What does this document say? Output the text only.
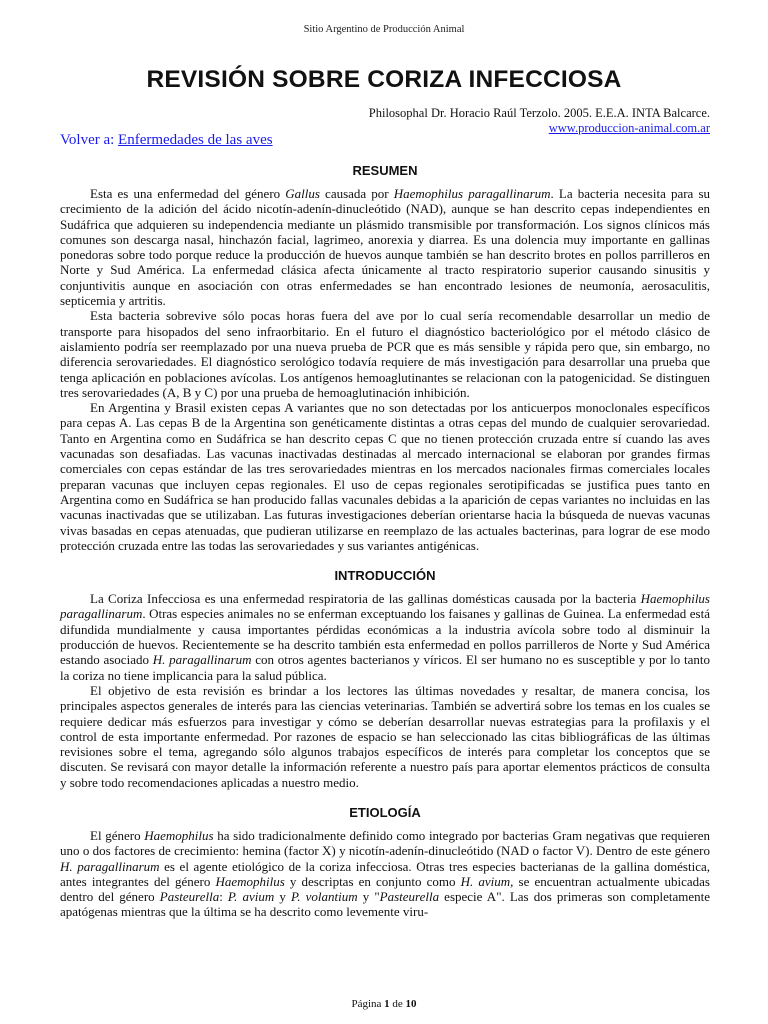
Sitio Argentino de Producción Animal
REVISIÓN SOBRE CORIZA INFECCIOSA
Philosophal Dr. Horacio Raúl Terzolo. 2005. E.E.A. INTA Balcarce.
www.produccion-animal.com.ar
Volver a: Enfermedades de las aves
RESUMEN

Esta es una enfermedad del género Gallus causada por Haemophilus paragallinarum. La bacteria necesita para su crecimiento de la adición del ácido nicotín-adenín-dinucleótido (NAD), aunque se han descrito cepas independientes en Sudáfrica que adquieren su independencia mediante un plásmido transmisible por transformación. Los signos clínicos más comunes son descarga nasal, hinchazón facial, lagrimeo, anorexia y diarrea. Es una dolencia muy importante en gallinas ponedoras sobre todo porque reduce la producción de huevos aunque también se han descrito brotes en pollos parrilleros en Norte y Sud América. La enfermedad clásica afecta únicamente al tracto respiratorio superior causando sinusitis y conjuntivitis aunque en asociación con otras enfermedades se han encontrado lesiones de neumonía, aerosaculitis, septicemia y artritis.

Esta bacteria sobrevive sólo pocas horas fuera del ave por lo cual sería recomendable desarrollar un medio de transporte para hisopados del seno infraorbitario. En el futuro el diagnóstico bacteriológico por el método clásico de aislamiento podría ser reemplazado por una nueva prueba de PCR que es más sensible y rápida pero que, sin embargo, no diferencia serovariedades. El diagnóstico serológico todavía requiere de más investigación para desarrollar una prueba que tenga aplicación en poblaciones avícolas. Los antígenos hemoaglutinantes se relacionan con la patogenicidad. Se distinguen tres serovariedades (A, B y C) por una prueba de hemoaglutinación inhibición.

En Argentina y Brasil existen cepas A variantes que no son detectadas por los anticuerpos monoclonales específicos para cepas A. Las cepas B de la Argentina son genéticamente distintas a otras cepas del mundo de cualquier serovariedad. Tanto en Argentina como en Sudáfrica se han descrito cepas C que no tienen protección cruzada entre sí cuando las aves vacunadas son desafiadas. Las vacunas inactivadas destinadas al mercado internacional se elaboran por grandes firmas comerciales con cepas estándar de las tres serovariedades mientras en los mercados nacionales firmas comerciales locales preparan vacunas que incluyen cepas regionales. El uso de cepas regionales serotipificadas se justifica pues tanto en Argentina como en Sudáfrica se han producido fallas vacunales debidas a la aparición de cepas variantes no incluidas en las vacunas inactivadas que se utilizaban. Las futuras investigaciones deberían orientarse hacia la búsqueda de nuevas vacunas vivas basadas en cepas atenuadas, que pudieran utilizarse en reemplazo de las actuales bacterinas, para lograr de ese modo protección cruzada entre las todas las serovariedades y sus variantes antigénicas.

INTRODUCCIÓN

La Coriza Infecciosa es una enfermedad respiratoria de las gallinas domésticas causada por la bacteria Haemophilus paragallinarum. Otras especies animales no se enferman exceptuando los faisanes y gallinas de Guinea. La enfermedad está difundida mundialmente y causa importantes pérdidas económicas a la industria avícola sobre todo al disminuir la producción de huevos. Recientemente se ha descrito también esta enfermedad en pollos parrilleros de Norte y Sud América estando asociado H. paragallinarum con otros agentes bacterianos y víricos. El ser humano no es susceptible y por lo tanto la coriza no tiene implicancia para la salud pública.

El objetivo de esta revisión es brindar a los lectores las últimas novedades y resaltar, de manera concisa, los principales aspectos generales de interés para las ciencias veterinarias. También se advertirá sobre los temas en los cuales se requiere dedicar más esfuerzos para investigar y cómo se deberían desarrollar nuevas estrategias para la profilaxis y el control de esta importante enfermedad. Por razones de espacio se han seleccionado las citas bibliográficas de las últimas revisiones sobre el tema, agregando sólo algunos trabajos específicos de interés para completar los conceptos que se discuten. Se revisará con mayor detalle la información referente a nuestro país para aportar elementos prácticos de consulta y sobre todo recomendaciones aplicadas a nuestro medio.

ETIOLOGÍA

El género Haemophilus ha sido tradicionalmente definido como integrado por bacterias Gram negativas que requieren uno o dos factores de crecimiento: hemina (factor X) y nicotín-adenín-dinucleótido (NAD o factor V). Dentro de este género H. paragallinarum es el agente etiológico de la coriza infecciosa. Otras tres especies bacterianas de la gallina doméstica, antes integrantes del género Haemophilus y descriptas en conjunto como H. avium, se encuentran actualmente ubicadas dentro del género Pasteurella: P. avium y P. volantium y "Pasteurella especie A". Las dos primeras son completamente apatógenas mientras que la última se ha descrito como levemente viru-

Página 1 de 10
